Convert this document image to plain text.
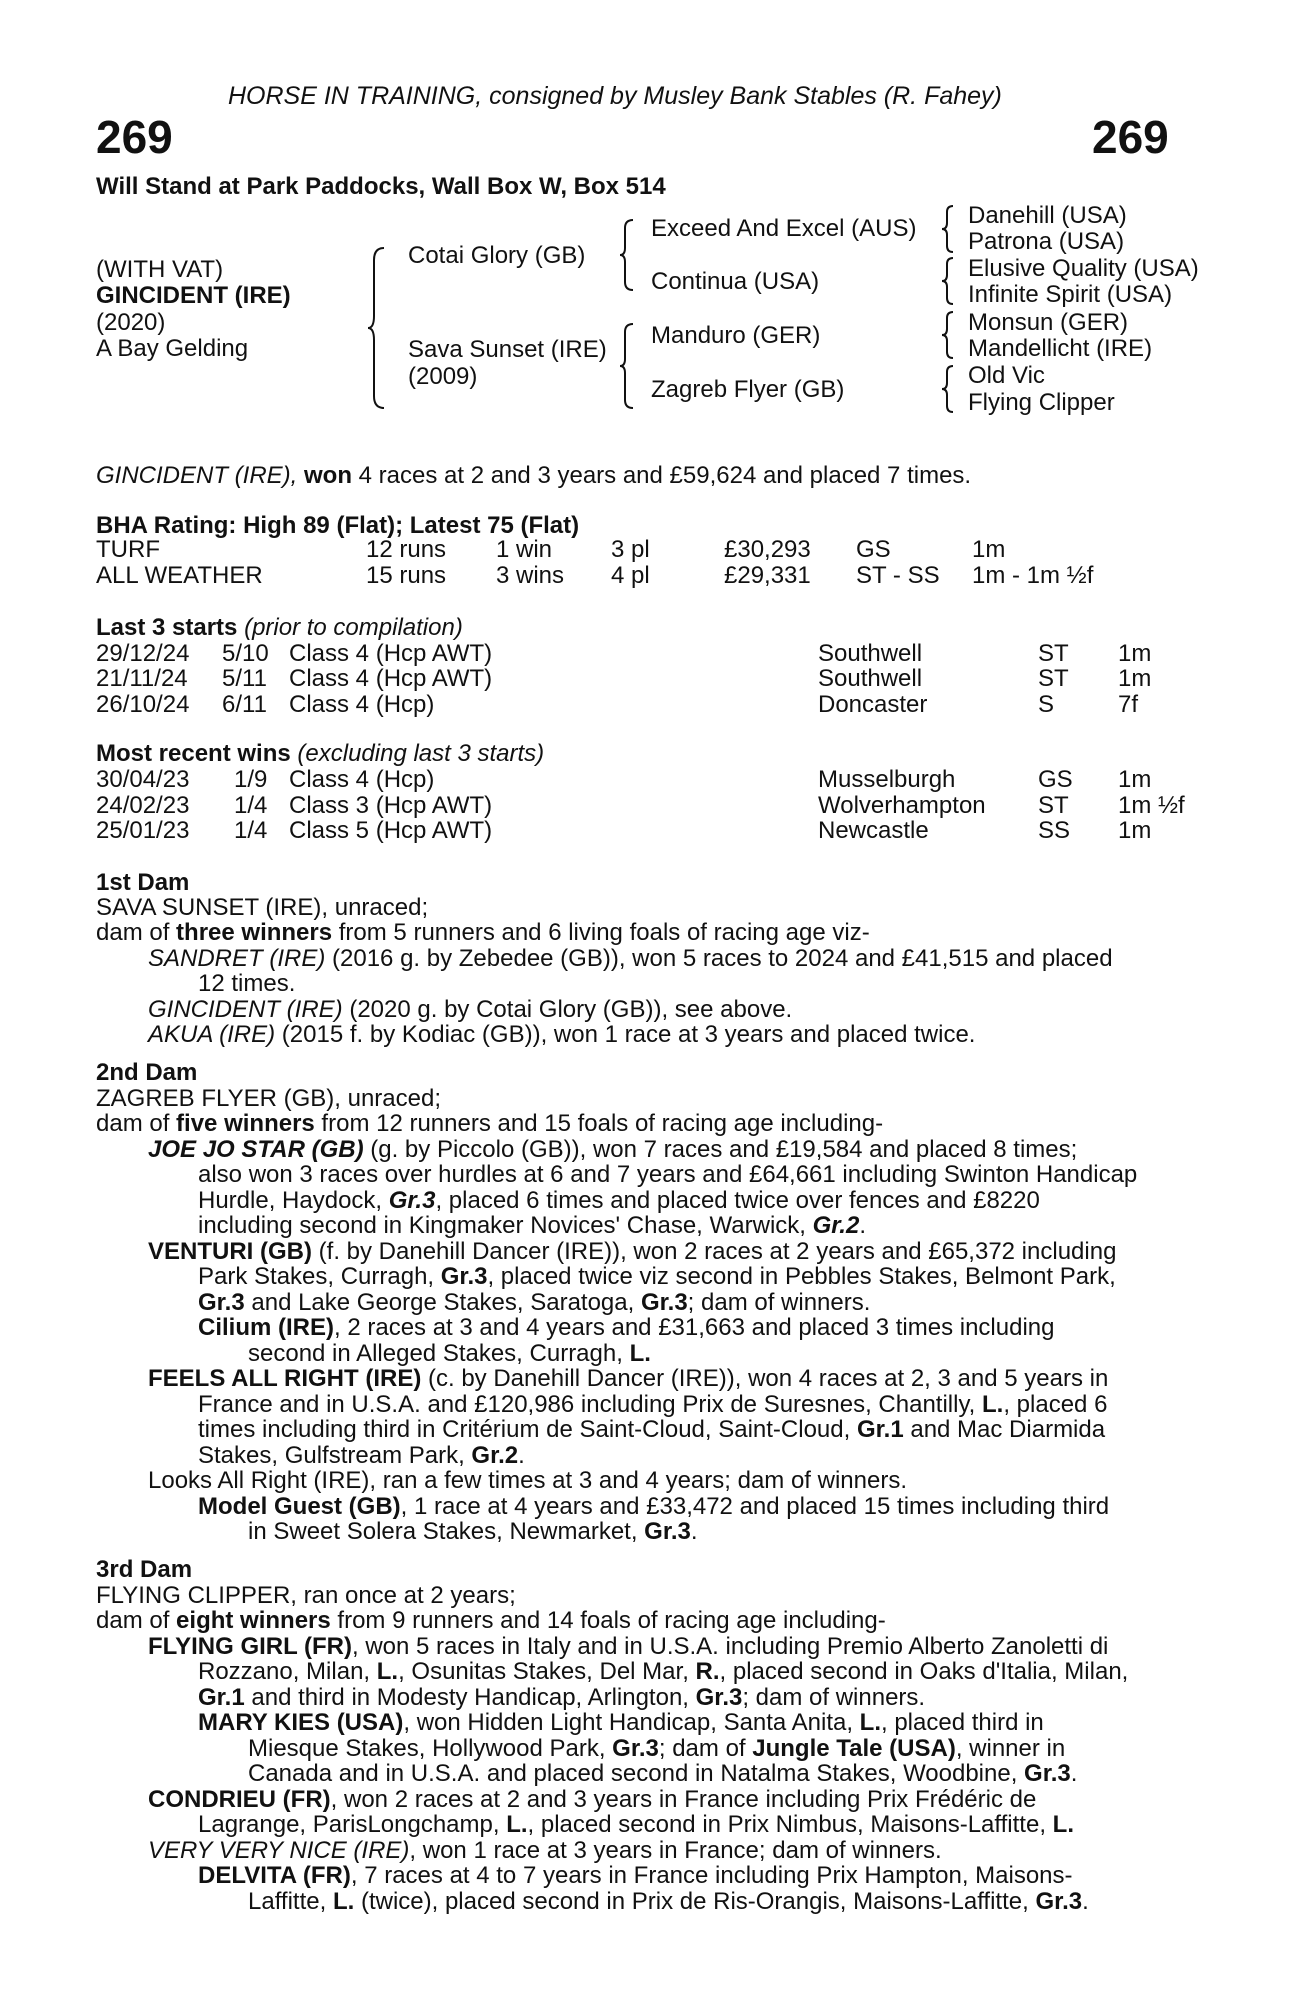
HORSE IN TRAINING, consigned by Musley Bank Stables (R. Fahey)
269	269
Will Stand at Park Paddocks, Wall Box W, Box 514
(WITH VAT)
GINCIDENT (IRE)
(2020)
A Bay Gelding
Cotai Glory (GB)
Sava Sunset (IRE)
(2009)
Exceed And Excel (AUS)
Continua (USA)
Manduro (GER)
Zagreb Flyer (GB)
Danehill (USA)
Patrona (USA)
Elusive Quality (USA)
Infinite Spirit (USA)
Monsun (GER)
Mandellicht (IRE)
Old Vic
Flying Clipper
GINCIDENT (IRE), won 4 races at 2 and 3 years and £59,624 and placed 7 times.
BHA Rating: High 89 (Flat); Latest 75 (Flat)
TURF	12 runs 1 win 3 pl	£30,293 GS	1m
ALL WEATHER	15 runs 3 wins 4 pl	£29,331 ST - SS 1m - 1m ½f
Last 3 starts (prior to compilation)
29/12/24 5/10 Class 4 (Hcp AWT)	Southwell	ST 1m
21/11/24 5/11 Class 4 (Hcp AWT)	Southwell	ST 1m
26/10/24 6/11 Class 4 (Hcp)	Doncaster	S	7f
Most recent wins (excluding last 3 starts)
30/04/23 1/9 Class 4 (Hcp)	Musselburgh	GS 1m
24/02/23 1/4 Class 3 (Hcp AWT)	Wolverhampton ST 1m ½f
25/01/23 1/4 Class 5 (Hcp AWT)	Newcastle	SS 1m
1st Dam
SAVA SUNSET (IRE), unraced;
dam of three winners from 5 runners and 6 living foals of racing age viz-
SANDRET (IRE) (2016 g. by Zebedee (GB)), won 5 races to 2024 and £41,515 and placed
12 times.
GINCIDENT (IRE) (2020 g. by Cotai Glory (GB)), see above.
AKUA (IRE) (2015 f. by Kodiac (GB)), won 1 race at 3 years and placed twice.
2nd Dam
ZAGREB FLYER (GB), unraced;
dam of five winners from 12 runners and 15 foals of racing age including-
JOE JO STAR (GB) (g. by Piccolo (GB)), won 7 races and £19,584 and placed 8 times;
also won 3 races over hurdles at 6 and 7 years and £64,661 including Swinton Handicap
Hurdle, Haydock, Gr.3, placed 6 times and placed twice over fences and £8220
including second in Kingmaker Novices' Chase, Warwick, Gr.2.
VENTURI (GB) (f. by Danehill Dancer (IRE)), won 2 races at 2 years and £65,372 including
Park Stakes, Curragh, Gr.3, placed twice viz second in Pebbles Stakes, Belmont Park,
Gr.3 and Lake George Stakes, Saratoga, Gr.3; dam of winners.
Cilium (IRE), 2 races at 3 and 4 years and £31,663 and placed 3 times including
second in Alleged Stakes, Curragh, L.
FEELS ALL RIGHT (IRE) (c. by Danehill Dancer (IRE)), won 4 races at 2, 3 and 5 years in
France and in U.S.A. and £120,986 including Prix de Suresnes, Chantilly, L., placed 6
times including third in Critérium de Saint-Cloud, Saint-Cloud, Gr.1 and Mac Diarmida
Stakes, Gulfstream Park, Gr.2.
Looks All Right (IRE), ran a few times at 3 and 4 years; dam of winners.
Model Guest (GB), 1 race at 4 years and £33,472 and placed 15 times including third
in Sweet Solera Stakes, Newmarket, Gr.3.
3rd Dam
FLYING CLIPPER, ran once at 2 years;
dam of eight winners from 9 runners and 14 foals of racing age including-
FLYING GIRL (FR), won 5 races in Italy and in U.S.A. including Premio Alberto Zanoletti di
Rozzano, Milan, L., Osunitas Stakes, Del Mar, R., placed second in Oaks d'Italia, Milan,
Gr.1 and third in Modesty Handicap, Arlington, Gr.3; dam of winners.
MARY KIES (USA), won Hidden Light Handicap, Santa Anita, L., placed third in
Miesque Stakes, Hollywood Park, Gr.3; dam of Jungle Tale (USA), winner in
Canada and in U.S.A. and placed second in Natalma Stakes, Woodbine, Gr.3.
CONDRIEU (FR), won 2 races at 2 and 3 years in France including Prix Frédéric de
Lagrange, ParisLongchamp, L., placed second in Prix Nimbus, Maisons-Laffitte, L.
VERY VERY NICE (IRE), won 1 race at 3 years in France; dam of winners.
DELVITA (FR), 7 races at 4 to 7 years in France including Prix Hampton, Maisons-
Laffitte, L. (twice), placed second in Prix de Ris-Orangis, Maisons-Laffitte, Gr.3.
